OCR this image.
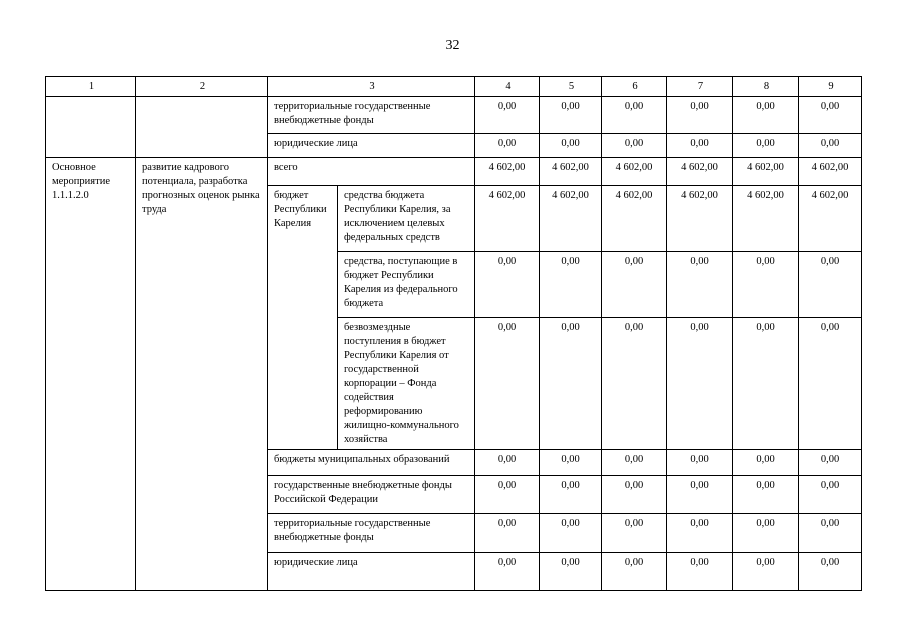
32
1	2	3		4	5	6	7	8	9
		территориальные государственные внебюджетные фонды		0,00	0,00	0,00	0,00	0,00	0,00
		юридические лица		0,00	0,00	0,00	0,00	0,00	0,00
Основное мероприятие 1.1.1.2.0	развитие кадрового потенциала, разработка прогнозных оценок рынка труда	всего		4 602,00	4 602,00	4 602,00	4 602,00	4 602,00	4 602,00
		бюджет Республики Карелия	средства бюджета Республики Карелия, за исключением целевых федеральных средств	4 602,00	4 602,00	4 602,00	4 602,00	4 602,00	4 602,00
			средства, поступающие в бюджет Республики Карелия из федерального бюджета	0,00	0,00	0,00	0,00	0,00	0,00
			безвозмездные поступления в бюджет Республики Карелия от государственной корпорации – Фонда содействия реформированию жилищно-коммунального хозяйства	0,00	0,00	0,00	0,00	0,00	0,00
		бюджеты муниципальных образований		0,00	0,00	0,00	0,00	0,00	0,00
		государственные внебюджетные фонды Российской Федерации		0,00	0,00	0,00	0,00	0,00	0,00
		территориальные государственные внебюджетные фонды		0,00	0,00	0,00	0,00	0,00	0,00
		юридические лица		0,00	0,00	0,00	0,00	0,00	0,00
